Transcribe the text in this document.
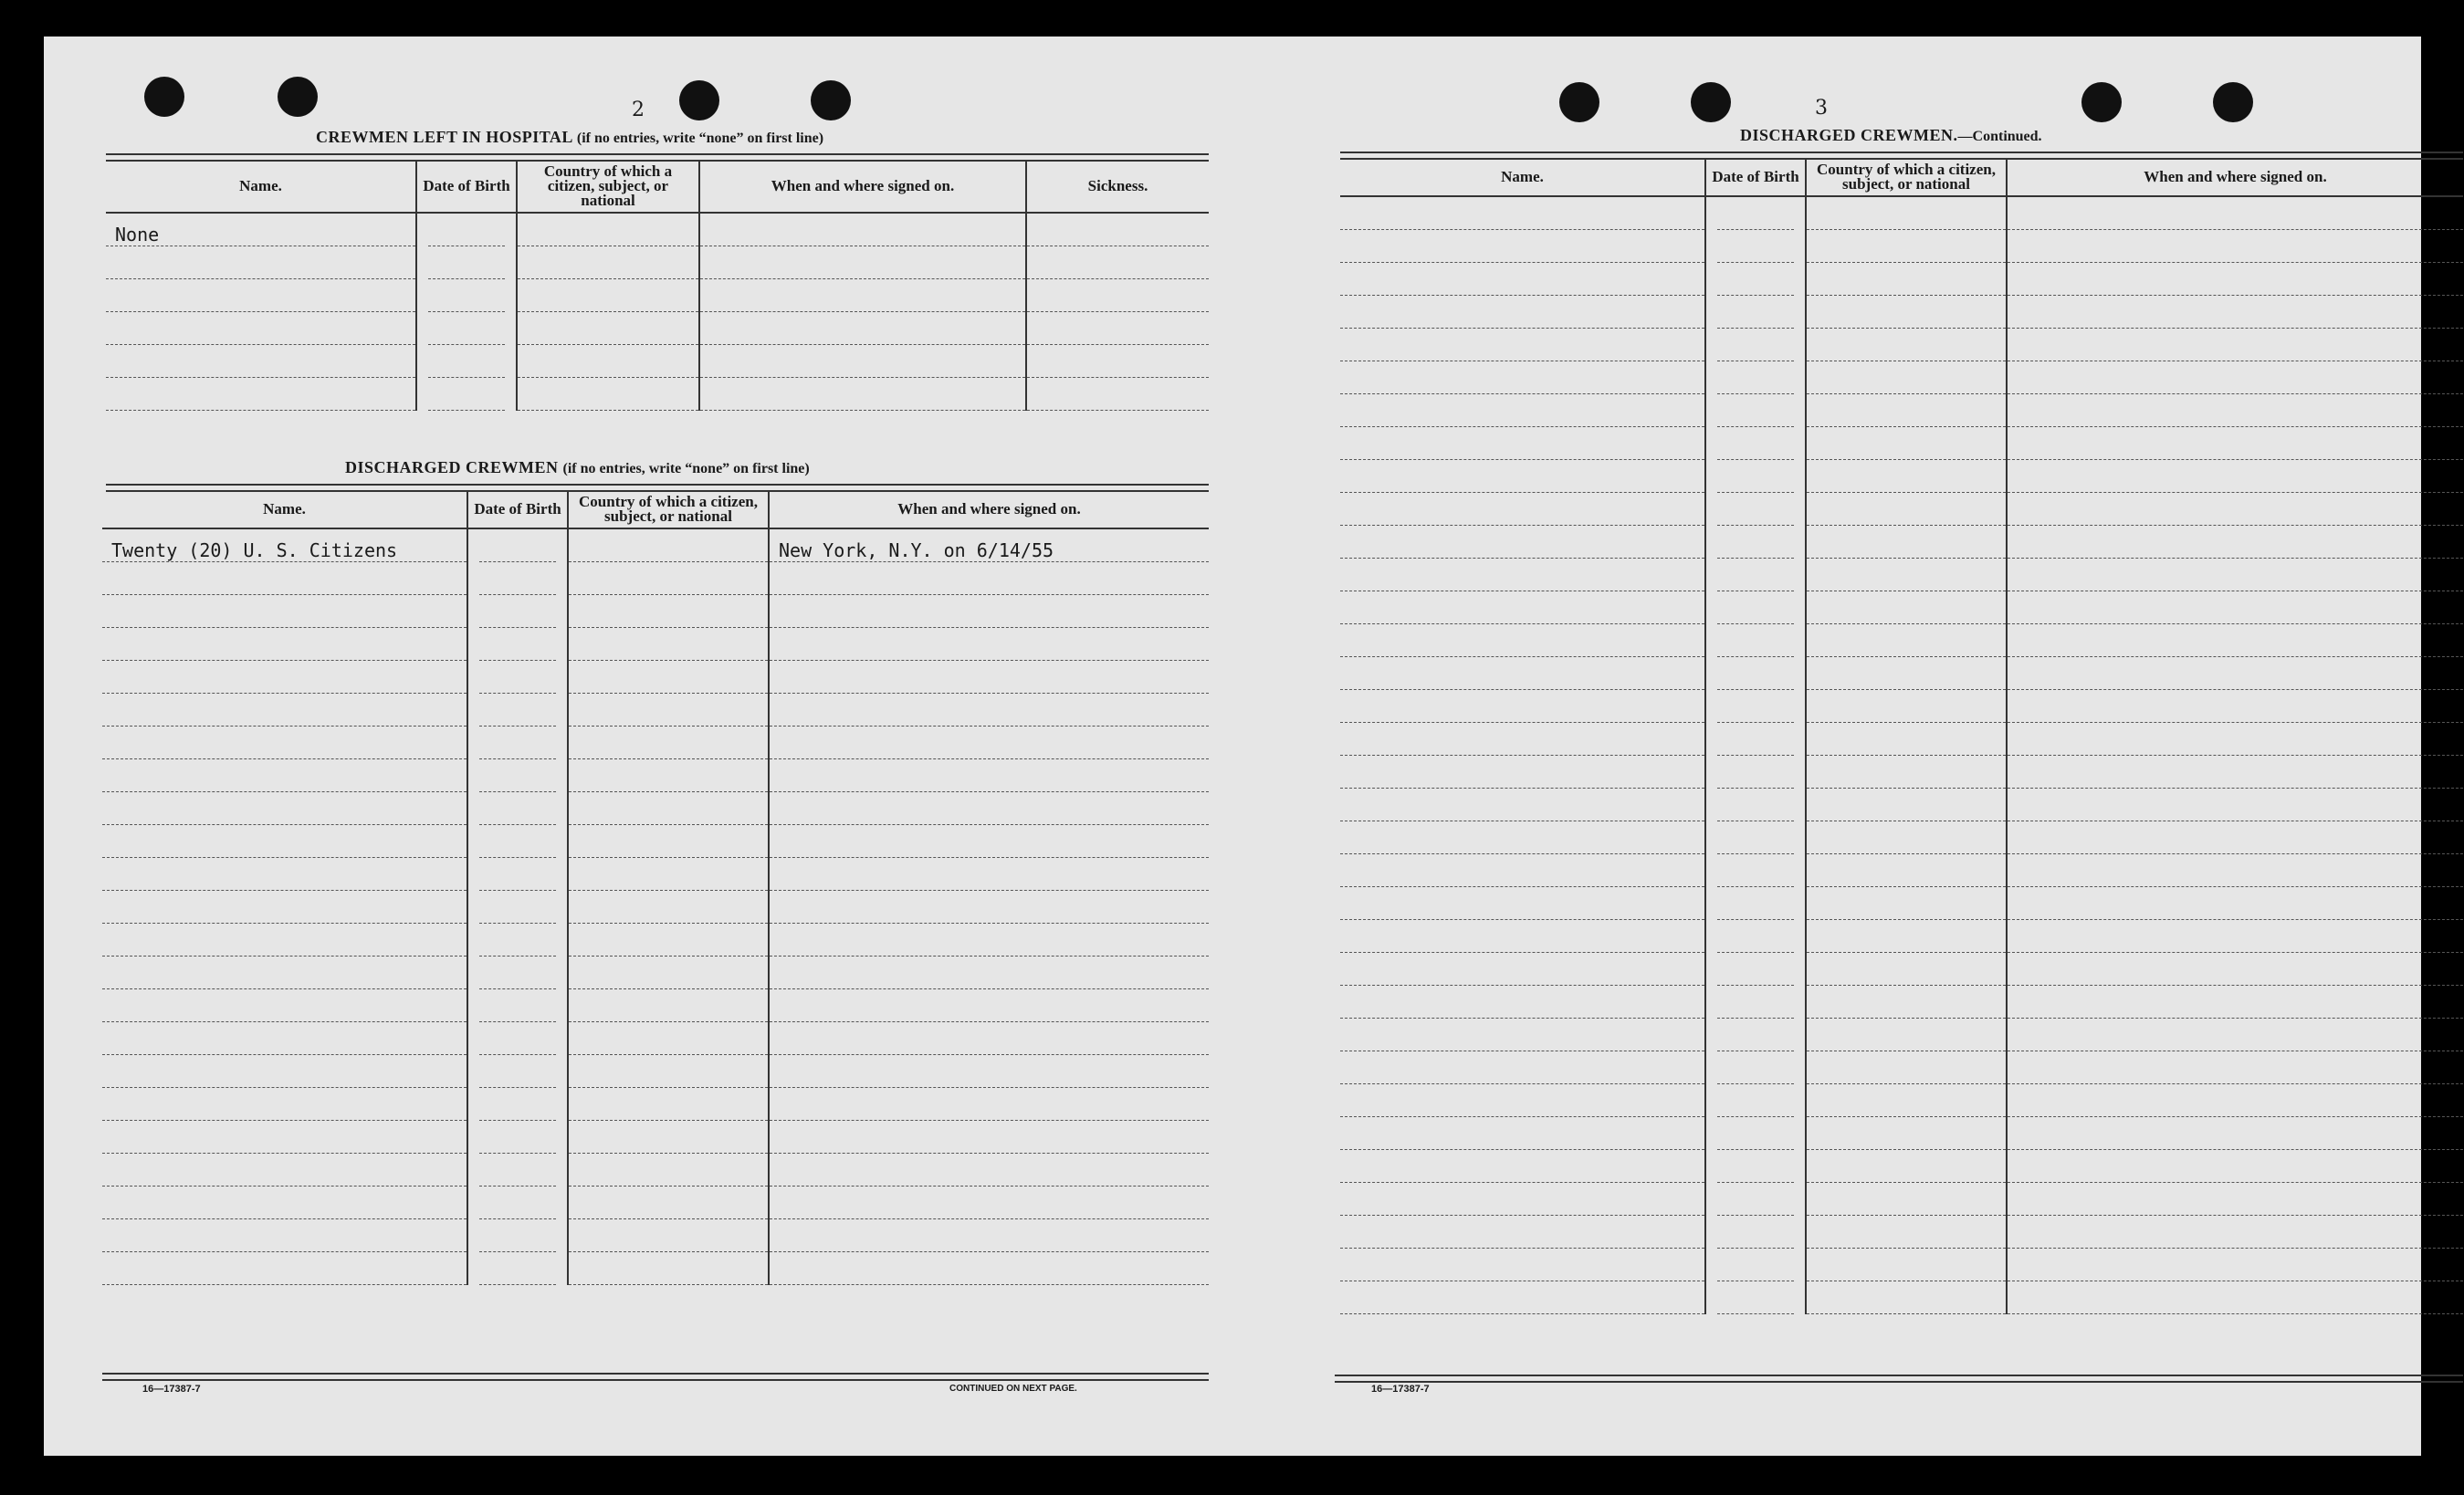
2
CREWMEN LEFT IN HOSPITAL (if no entries, write “none” on first line)
Name.	Date of Birth	Country of which a citizen, subject, or national	When and where signed on.	Sickness.
None	

DISCHARGED CREWMEN (if no entries, write “none” on first line)
Name.	Date of Birth	Country of which a citizen, subject, or national	When and where signed on.
Twenty (20) U. S. Citizens			New York, N.Y. on 6/14/55

16—17387-7	CONTINUED ON NEXT PAGE.
3
DISCHARGED CREWMEN.—Continued.
Name.	Date of Birth	Country of which a citizen, subject, or national	When and where signed on.

16—17387-7
